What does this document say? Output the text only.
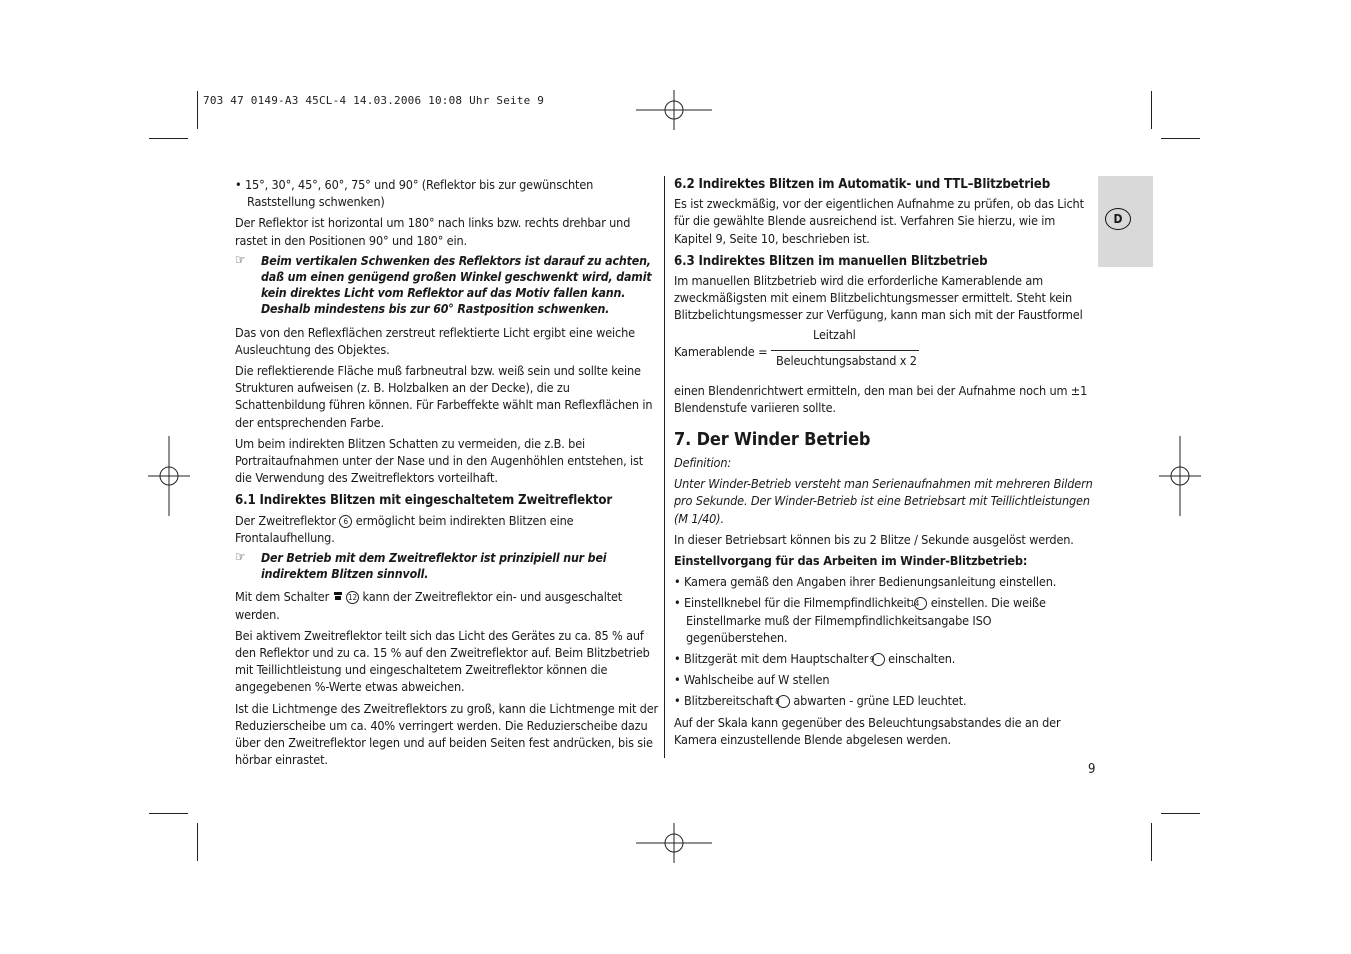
703 47 0149-A3 45CL-4 14.03.2006 10:08 Uhr Seite 9
D

• 15°, 30°, 45°, 60°, 75° und 90° (Reflektor bis zur gewünschten Raststellung schwenken)

Der Reflektor ist horizontal um 180° nach links bzw. rechts drehbar und rastet in den Positionen 90° und 180° ein.

☞ Beim vertikalen Schwenken des Reflektors ist darauf zu achten, daß um einen genügend großen Winkel geschwenkt wird, damit kein direktes Licht vom Reflektor auf das Motiv fallen kann. Deshalb mindestens bis zur 60° Rastposition schwenken.

Das von den Reflexflächen zerstreut reflektierte Licht ergibt eine weiche Ausleuchtung des Objektes.

Die reflektierende Fläche muß farbneutral bzw. weiß sein und sollte keine Strukturen aufweisen (z. B. Holzbalken an der Decke), die zu Schattenbildung führen können. Für Farbeffekte wählt man Reflexflächen in der entsprechenden Farbe.

Um beim indirekten Blitzen Schatten zu vermeiden, die z.B. bei Portraitaufnahmen unter der Nase und in den Augenhöhlen entstehen, ist die Verwendung des Zweitreflektors vorteilhaft.

6.1 Indirektes Blitzen mit eingeschaltetem Zweitreflektor

Der Zweitreflektor 6 ermöglicht beim indirekten Blitzen eine Frontalaufhellung.

☞ Der Betrieb mit dem Zweitreflektor ist prinzipiell nur bei indirektem Blitzen sinnvoll.

Mit dem Schalter 12 kann der Zweitreflektor ein- und ausgeschaltet werden.

Bei aktivem Zweitreflektor teilt sich das Licht des Gerätes zu ca. 85 % auf den Reflektor und zu ca. 15 % auf den Zweitreflektor auf. Beim Blitzbetrieb mit Teillichtleistung und eingeschaltetem Zweitreflektor können die angegebenen %-Werte etwas abweichen.

Ist die Lichtmenge des Zweitreflektors zu groß, kann die Lichtmenge mit der Reduzierscheibe um ca. 40% verringert werden. Die Reduzierscheibe dazu über den Zweitreflektor legen und auf beiden Seiten fest andrücken, bis sie hörbar einrastet.

6.2 Indirektes Blitzen im Automatik- und TTL–Blitzbetrieb

Es ist zweckmäßig, vor der eigentlichen Aufnahme zu prüfen, ob das Licht für die gewählte Blende ausreichend ist. Verfahren Sie hierzu, wie im Kapitel 9, Seite 10, beschrieben ist.

6.3 Indirektes Blitzen im manuellen Blitzbetrieb

Im manuellen Blitzbetrieb wird die erforderliche Kamerablende am zweckmäßigsten mit einem Blitzbelichtungsmesser ermittelt. Steht kein Blitzbelichtungsmesser zur Verfügung, kann man sich mit der Faustformel

Kamerablende =
Leitzahl
Beleuchtungsabstand x 2

einen Blendenrichtwert ermitteln, den man bei der Aufnahme noch um ±1 Blendenstufe variieren sollte.

7. Der Winder Betrieb

Definition:

Unter Winder-Betrieb versteht man Serienaufnahmen mit mehreren Bildern pro Sekunde. Der Winder-Betrieb ist eine Betriebsart mit Teillichtleistungen (M 1/40).

In dieser Betriebsart können bis zu 2 Blitze / Sekunde ausgelöst werden.

Einstellvorgang für das Arbeiten im Winder-Blitzbetrieb:

• Kamera gemäß den Angaben ihrer Bedienungsanleitung einstellen.

• Einstellknebel für die Filmempfindlichkeit 14 einstellen. Die weiße Einstellmarke muß der Filmempfindlichkeitsangabe ISO gegenüberstehen.

• Blitzgerät mit dem Hauptschalter 9 einschalten.

• Wahlscheibe auf W stellen

• Blitzbereitschaft 8 abwarten - grüne LED leuchtet.

Auf der Skala kann gegenüber des Beleuchtungsabstandes die an der Kamera einzustellende Blende abgelesen werden.

9
